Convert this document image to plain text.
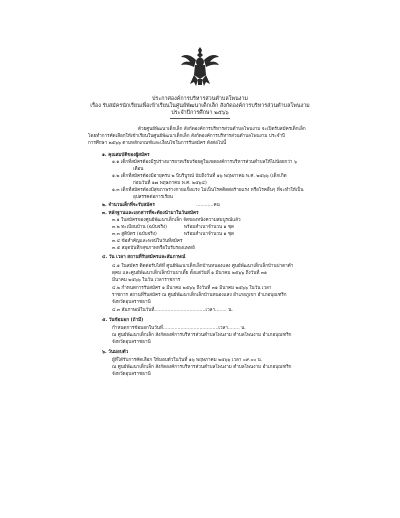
ประกาศองค์การบริหารส่วนตำบลโพนงาม
เรื่อง รับสมัครนักเรียนเพื่อเข้าเรียนในศูนย์พัฒนาเด็กเล็ก สังกัดองค์การบริหารส่วนตำบลโพนงาม
ประจำปีการศึกษา ๒๕๖๖
ด้วยศูนย์พัฒนาเด็กเล็ก สังกัดองค์การบริหารส่วนตำบลโพนงาม จะเปิดรับสมัครเด็กเล็ก
โดยทำการคัดเลือกให้เข้าเรียนในศูนย์พัฒนาเด็กเล็ก สังกัดองค์การบริหารส่วนตำบลโพนงาม ประจำปี
การศึกษา ๒๕๖๖ ตามหลักเกณฑ์และเงื่อนไขในการรับสมัคร ดังต่อไปนี้
๑. คุณสมบัติของผู้สมัคร
๑.๑ เด็กที่สมัครต้องมีรูปร่างมารยาทเรียบร้อยดูในเขตองค์การบริหารส่วนตำบลให้ไม่น้อยกว่า ๖
เดือน
๑.๒ เด็กที่สมัครต้องมีอายุครบ ๒ ปีบริบูรณ์ นับถึงวันที่ ๑๖ พฤษภาคม พ.ศ. ๒๕๖๖ (เด็กเกิด
ก่อนวันที่ ๑๗ พฤษภาคม พ.ศ. ๒๕๖๔)
๑.๓ เด็กที่สมัครต้องมีสุขภาพร่างกายแข็งแรง ไม่เป็นโรคติดต่อร้ายแรง หรือโรคอื่นๆ ที่จะทำให้เป็น
อุปสรรคต่อการเรียน
๒. จำนวนเด็กที่จะรับสมัคร	............คน
๓. หลักฐานและเอกสารที่จะต้องนำมาในวันสมัคร
๓.๑ ใบสมัครของศูนย์พัฒนาเด็กเล็ก จัดของหนังความสมบูรณ์แล้ว
๓.๒ ทะเบียนบ้าน (ฉบับจริง)	พร้อมสำเนาจำนวน ๑ ชุด
๓.๓ สูติบัตร (ฉบับจริง)	พร้อมสำเนาจำนวน ๑ ชุด
๓.๔ ข้อสำคัญและพจน์ในวันที่สมัคร
๓.๕ สมุดบันทึกสุขภาพหรือใบรับรองแพทย์
๔. วัน เวลา สถานที่รับสมัครและสัมภาษณ์
๔.๑ ในสมัคร ติดต่อรับได้ที่ ศูนย์พัฒนาเด็กเล็กบ้านหนองแสง ศูนย์พัฒนาเด็กเล็กบ้านบ่าดาคำ
ดุคม และศูนย์พัฒนาเด็กเล็กบ้านบ่าเตี้ย ตั้งแต่วันที่ ๑ มีนาคม ๒๕๖๖ ถึงวันที่ ๓๑
มีนาคม ๒๕๖๖ ในวัน เวลาราชการ
๔.๒ กำหนดการรับสมัคร ๑ มีนาคม ๒๕๖๖ ถึงวันที่ ๓๑ มีนาคม ๒๕๖๖ ในวัน เวลา
ราชการ สถานที่รับสมัคร ณ ศูนย์พัฒนาเด็กเล็กบ้านหนองแสง อำเภอภูเขา อำเภอบุณฑริก
จังหวัดอุบลราชธานี
๔.๓ สัมภาษณ์ในวันที่...................................เวลา........ น.
๕. วันข้อมอก (ถ้ามี)
กำหนดการข้อมอกในวันที่......................................เวลา........ น.
ณ ศูนย์พัฒนาเด็กเล็ก สังกัดองค์การบริหารส่วนตำบลโพนงาม ตำบลโพนงาม อำเภอบุณฑริก
จังหวัดอุบลราชธานี
๖. วันมอบตัว
ผู้ที่ได้รับการคัดเลือก ให้มอบตัวในวันที่ ๑๖ พฤษภาคม ๒๕๖๖ เวลา ๐๙.๐๐ น.
ณ ศูนย์พัฒนาเด็กเล็ก สังกัดองค์การบริหารส่วนตำบลโพนงาม ตำบลโพนงาม อำเภอบุณฑริก
จังหวัดอุบลราชธานี
